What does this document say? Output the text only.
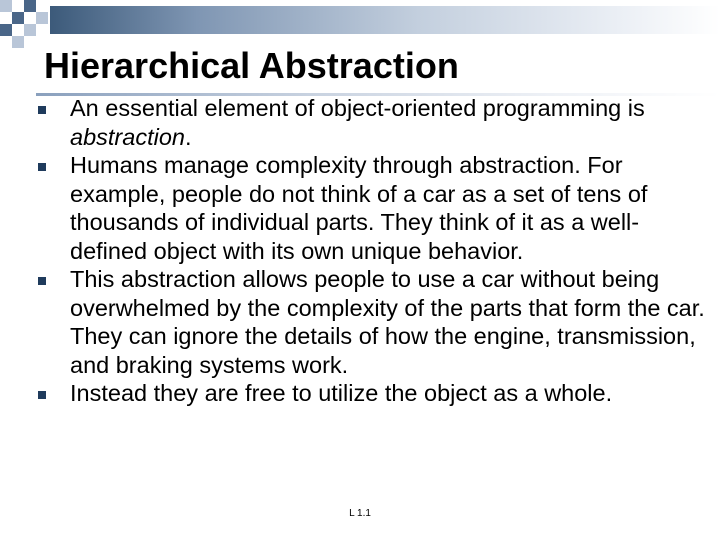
Hierarchical Abstraction
An essential element of object-oriented programming is abstraction.
Humans manage complexity through abstraction. For example, people do not think of a car as a set of tens of thousands of individual parts. They think of it as a well-defined object with its own unique behavior.
This abstraction allows people to use a car without being overwhelmed by the complexity of the parts that form the car. They can ignore the details of how the engine, transmission, and braking systems work.
Instead they are free to utilize the object as a whole.
L 1.1
